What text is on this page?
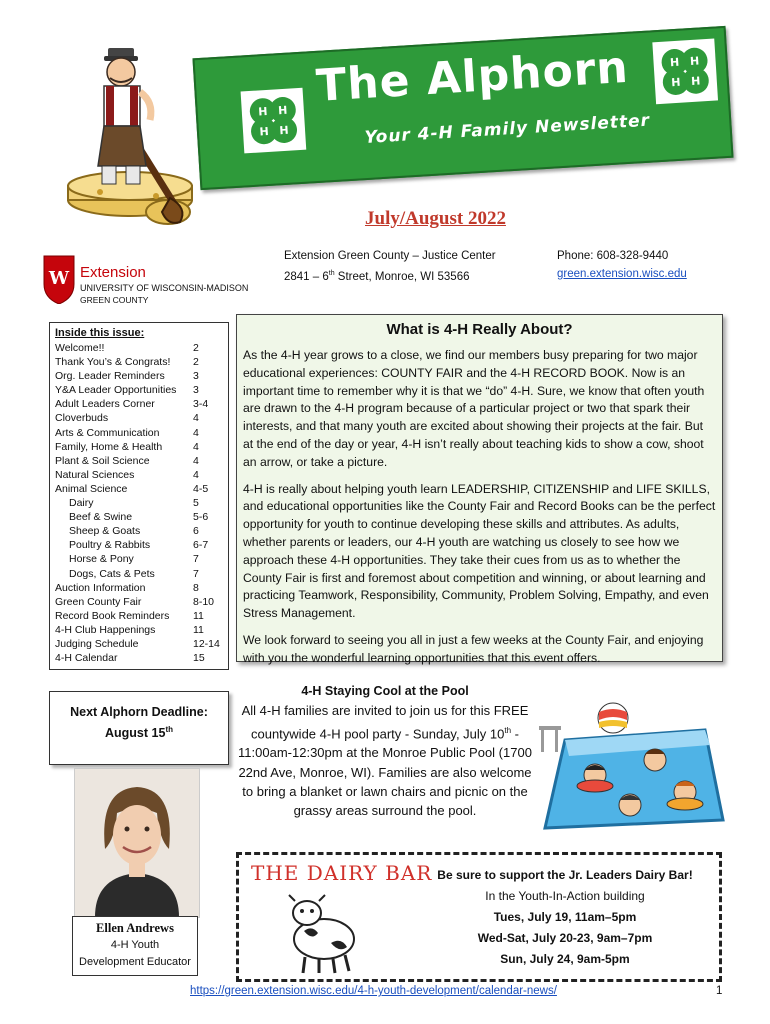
H H
H H
The Alphorn
Your 4-H Family Newsletter
H H
H H
July/August 2022
W Extension
UNIVERSITY OF WISCONSIN-MADISON
GREEN COUNTY
Extension Green County – Justice Center
2841 – 6th Street, Monroe, WI 53566
Phone: 608-328-9440
green.extension.wisc.edu
Inside this issue:
Welcome!!	2
Thank You’s & Congrats! 2
Org. Leader Reminders	3
Y&A Leader Opportunities 3
Adult Leaders Corner	3-4
Cloverbuds	4
Arts & Communication	4
Family, Home & Health	4
Plant & Soil Science	4
Natural Sciences	4
Animal Science	4-5
Dairy	5
Beef & Swine	5-6
Sheep & Goats	6
Poultry & Rabbits	6-7
Horse & Pony	7
Dogs, Cats & Pets	7
Auction Information	8
Green County Fair	8-10
Record Book Reminders 11
4-H Club Happenings	11
Judging Schedule	12-14
4-H Calendar	15
What is 4-H Really About?

As the 4-H year grows to a close, we find our members busy preparing for two major educational experiences: COUNTY FAIR and the 4-H RECORD BOOK. Now is an important time to remember why it is that we “do” 4-H. Sure, we know that often youth are drawn to the 4-H program because of a particular project or two that spark their interests, and that many youth are excited about showing their projects at the fair. But at the end of the day or year, 4-H isn’t really about teaching kids to show a cow, shoot an arrow, or take a picture.

4-H is really about helping youth learn LEADERSHIP, CITIZENSHIP and LIFE SKILLS, and educational opportunities like the County Fair and Record Books can be the perfect opportunity for youth to continue developing these skills and attributes. As adults, whether parents or leaders, our 4-H youth are watching us closely to see how we approach these 4-H opportunities. They take their cues from us as to whether the County Fair is first and foremost about competition and winning, or about learning and practicing Teamwork, Responsibility, Community, Problem Solving, Empathy, and even Stress Management.

We look forward to seeing you all in just a few weeks at the County Fair, and enjoying with you the wonderful learning opportunities that this event offers.

Next Alphorn Deadline:
August 15th
4-H Staying Cool at the Pool
All 4-H families are invited to join us for this FREE countywide 4-H pool party - Sunday, July 10th - 11:00am-12:30pm at the Monroe Public Pool (1700 22nd Ave, Monroe, WI). Families are also welcome to bring a blanket or lawn chairs and picnic on the grassy areas surround the pool.
Ellen Andrews
4-H Youth
Development Educator
THE DAIRY BAR Be sure to support the Jr. Leaders Dairy Bar!
In the Youth-In-Action building
Tues, July 19, 11am–5pm
Wed-Sat, July 20-23, 9am–7pm
Sun, July 24, 9am-5pm
https://green.extension.wisc.edu/4-h-youth-development/calendar-news/	1
